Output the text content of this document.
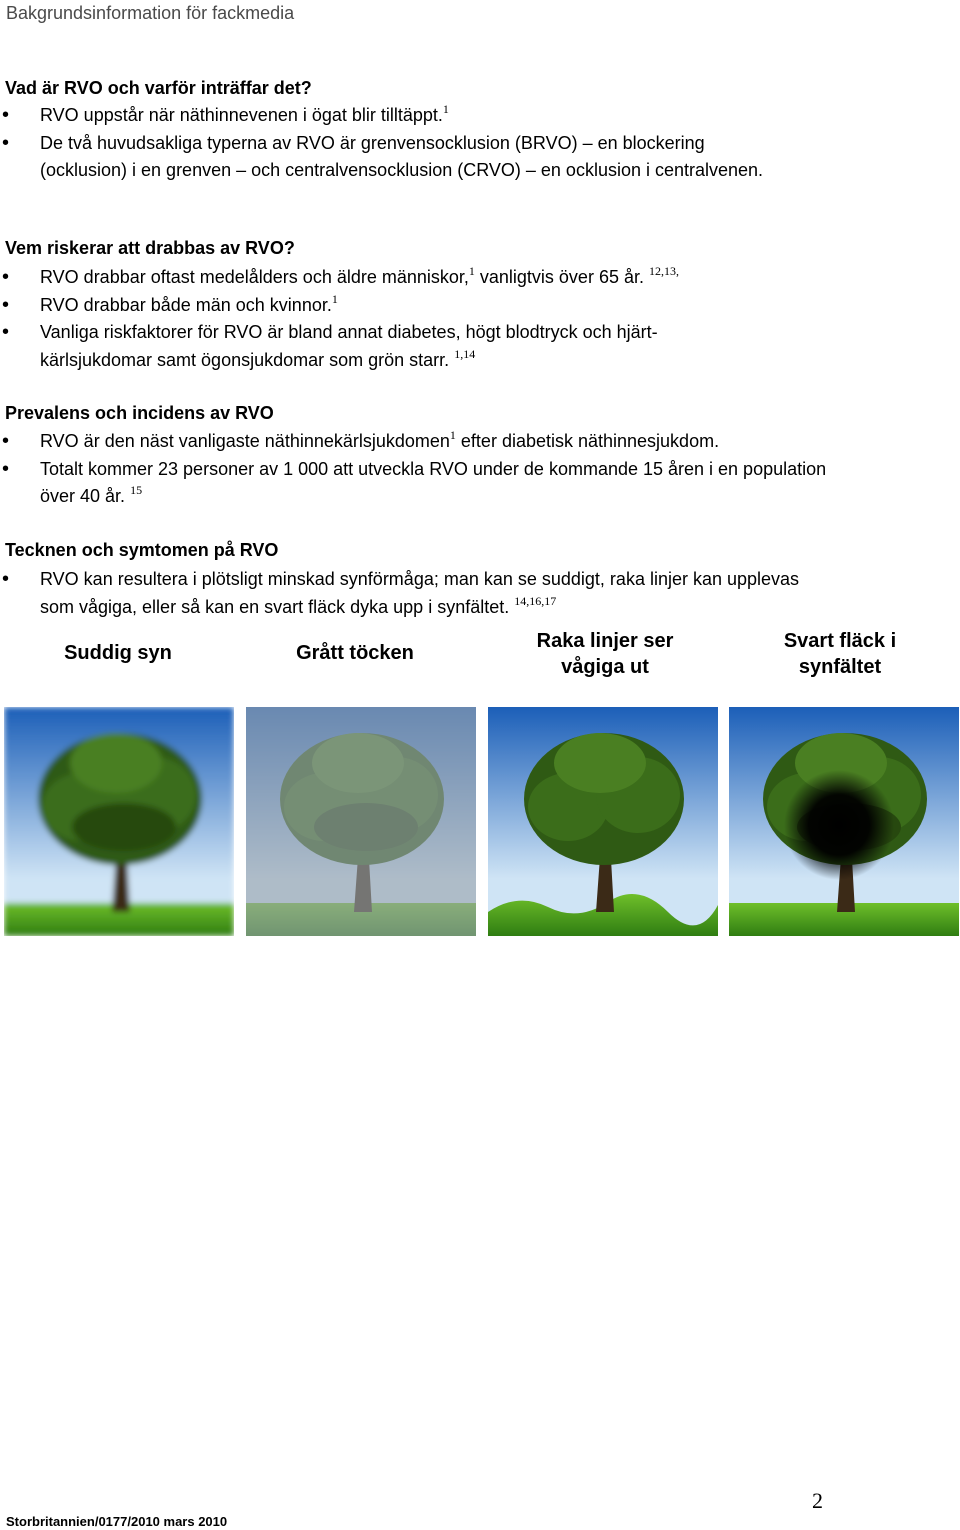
Bakgrundsinformation för fackmedia
Vad är RVO och varför inträffar det?
• RVO uppstår när näthinnevenen i ögat blir tilltäppt.$^1$
• De två huvudsakliga typerna av RVO är grenvensocklusion (BRVO) – en blockering (ocklusion) i en grenven – och centralvensocklusion (CRVO) – en ocklusion i centralvenen.
Vem riskerar att drabbas av RVO?
• RVO drabbar oftast medelålders och äldre människor,$^1$ vanligtvis över 65 år. $^{12,13,}$
• RVO drabbar både män och kvinnor.$^1$
• Vanliga riskfaktorer för RVO är bland annat diabetes, högt blodtryck och hjärt-kärlsjukdomar samt ögonsjukdomar som grön starr. $^{1,14}$
Prevalens och incidens av RVO
• RVO är den näst vanligaste näthinnekärlsjukdomen$^1$ efter diabetisk näthinnesjukdom.
• Totalt kommer 23 personer av 1 000 att utveckla RVO under de kommande 15 åren i en population över 40 år. $^{15}$
Tecknen och symtomen på RVO
• RVO kan resultera i plötsligt minskad synförmåga; man kan se suddigt, raka linjer kan upplevas som vågiga, eller så kan en svart fläck dyka upp i synfältet. $^{14,16,17}$
Suddig syn	Grått töcken
Raka linjer ser vågiga ut
Svart fläck i synfältet
Storbritannien/0177/2010 mars 2010
2
